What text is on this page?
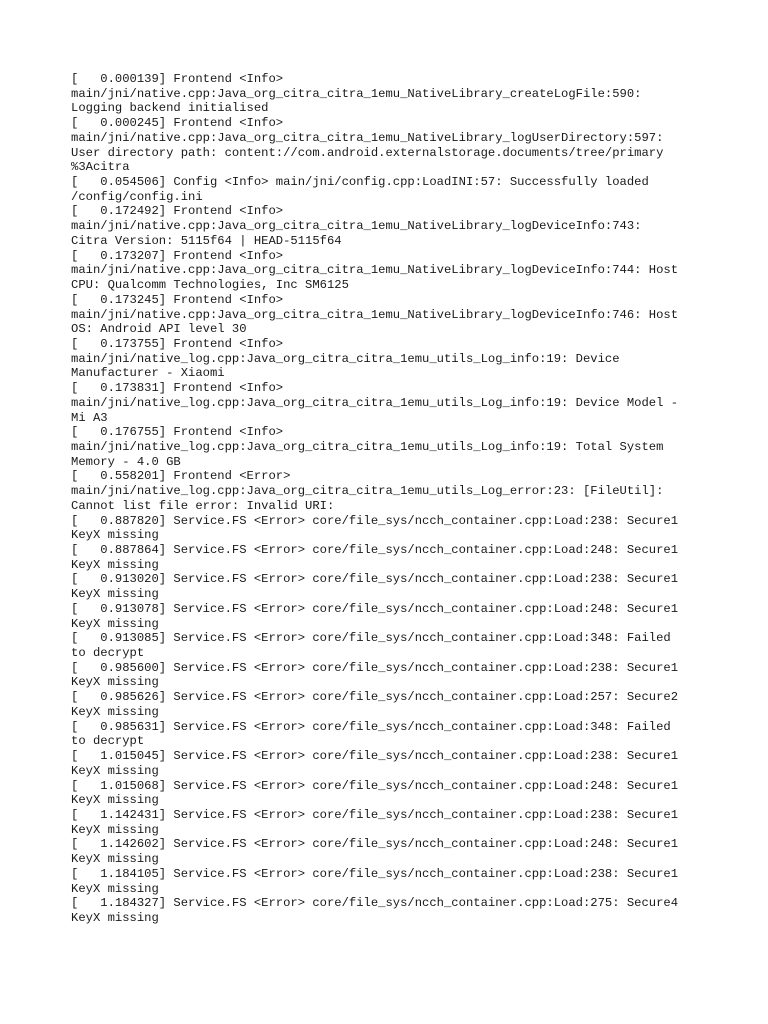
[   0.000139] Frontend <Info>
main/jni/native.cpp:Java_org_citra_citra_1emu_NativeLibrary_createLogFile:590:
Logging backend initialised
[   0.000245] Frontend <Info>
main/jni/native.cpp:Java_org_citra_citra_1emu_NativeLibrary_logUserDirectory:597:
User directory path: content://com.android.externalstorage.documents/tree/primary
%3Acitra
[   0.054506] Config <Info> main/jni/config.cpp:LoadINI:57: Successfully loaded
/config/config.ini
[   0.172492] Frontend <Info>
main/jni/native.cpp:Java_org_citra_citra_1emu_NativeLibrary_logDeviceInfo:743:
Citra Version: 5115f64 | HEAD-5115f64
[   0.173207] Frontend <Info>
main/jni/native.cpp:Java_org_citra_citra_1emu_NativeLibrary_logDeviceInfo:744: Host
CPU: Qualcomm Technologies, Inc SM6125
[   0.173245] Frontend <Info>
main/jni/native.cpp:Java_org_citra_citra_1emu_NativeLibrary_logDeviceInfo:746: Host
OS: Android API level 30
[   0.173755] Frontend <Info>
main/jni/native_log.cpp:Java_org_citra_citra_1emu_utils_Log_info:19: Device
Manufacturer - Xiaomi
[   0.173831] Frontend <Info>
main/jni/native_log.cpp:Java_org_citra_citra_1emu_utils_Log_info:19: Device Model -
Mi A3
[   0.176755] Frontend <Info>
main/jni/native_log.cpp:Java_org_citra_citra_1emu_utils_Log_info:19: Total System
Memory - 4.0 GB
[   0.558201] Frontend <Error>
main/jni/native_log.cpp:Java_org_citra_citra_1emu_utils_Log_error:23: [FileUtil]:
Cannot list file error: Invalid URI:
[   0.887820] Service.FS <Error> core/file_sys/ncch_container.cpp:Load:238: Secure1
KeyX missing
[   0.887864] Service.FS <Error> core/file_sys/ncch_container.cpp:Load:248: Secure1
KeyX missing
[   0.913020] Service.FS <Error> core/file_sys/ncch_container.cpp:Load:238: Secure1
KeyX missing
[   0.913078] Service.FS <Error> core/file_sys/ncch_container.cpp:Load:248: Secure1
KeyX missing
[   0.913085] Service.FS <Error> core/file_sys/ncch_container.cpp:Load:348: Failed
to decrypt
[   0.985600] Service.FS <Error> core/file_sys/ncch_container.cpp:Load:238: Secure1
KeyX missing
[   0.985626] Service.FS <Error> core/file_sys/ncch_container.cpp:Load:257: Secure2
KeyX missing
[   0.985631] Service.FS <Error> core/file_sys/ncch_container.cpp:Load:348: Failed
to decrypt
[   1.015045] Service.FS <Error> core/file_sys/ncch_container.cpp:Load:238: Secure1
KeyX missing
[   1.015068] Service.FS <Error> core/file_sys/ncch_container.cpp:Load:248: Secure1
KeyX missing
[   1.142431] Service.FS <Error> core/file_sys/ncch_container.cpp:Load:238: Secure1
KeyX missing
[   1.142602] Service.FS <Error> core/file_sys/ncch_container.cpp:Load:248: Secure1
KeyX missing
[   1.184105] Service.FS <Error> core/file_sys/ncch_container.cpp:Load:238: Secure1
KeyX missing
[   1.184327] Service.FS <Error> core/file_sys/ncch_container.cpp:Load:275: Secure4
KeyX missing
